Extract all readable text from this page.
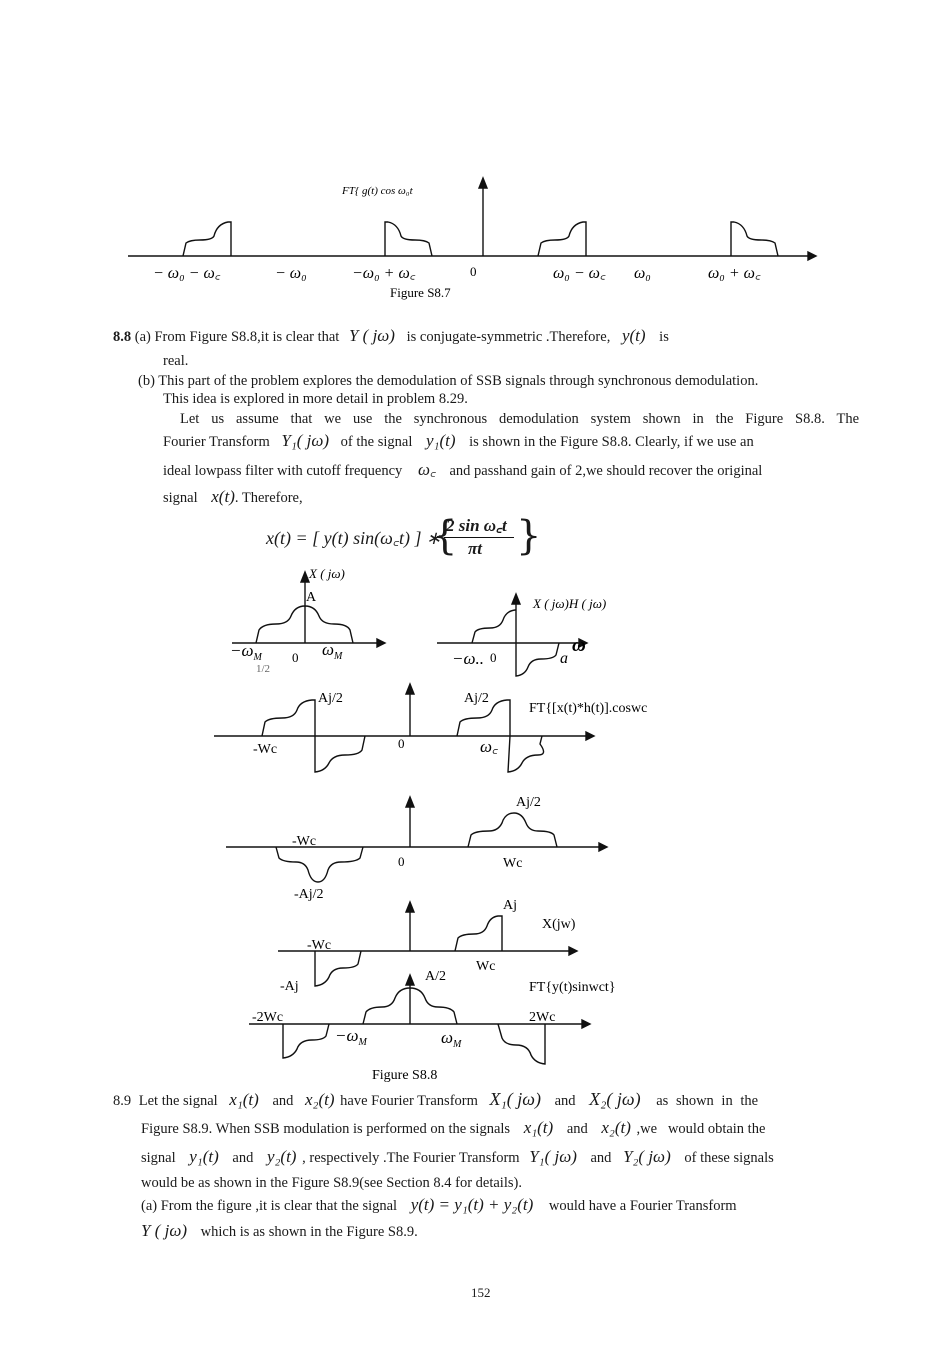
FT{ g(t) cos ω₀t
− ω₀ − ω꜀	− ω₀	−ω₀ + ω꜀	0	ω₀ − ω꜀ ω₀	ω₀ + ω꜀
Figure S8.7
8.8 (a) From Figure S8.8,it is clear that Y ( jω) is conjugate-symmetric .Therefore, y(t) is
real.
(b) This part of the problem explores the demodulation of SSB signals through synchronous demodulation.
This idea is explored in more detail in problem 8.29.
Let us assume that we use the synchronous demodulation system shown in the Figure S8.8. The
Fourier Transform Y₁( jω) of the signal y₁(t) is shown in the Figure S8.8. Clearly, if we use an
ideal lowpass filter with cutoff frequency ω꜀ and passhand gain of 2,we should recover the original
signal x(t). Therefore,
x(t) = [ y(t) sin(ω꜀t) ] ∗
{
2 sin ω꜀t
πt }
X ( jω)
A
$-\omega_M$ 0 $\omega_M$
1/2
X ( jω)H ( jω)
ω
−ω.. 0	a
Aj/2	Aj/2
FT{[x(t)*h(t)].coswc
-Wc	0	ω꜀
Aj/2
-Wc
0	Wc
-Aj/2
Aj
X(jw)
-Wc
Wc
-Aj
A/2
FT{y(t)sinwct}
-2Wc	2Wc
$-\omega_M$	$\omega_M$
Figure S8.8
8.9 Let the signal x₁(t) and x₂(t) have Fourier Transform X₁( jω) and X₂( jω) as shown in the
Figure S8.9. When SSB modulation is performed on the signals x₁(t) and x₂(t) ,we   would obtain the
signal y₁(t) and y₂(t) , respectively .The Fourier Transform Y₁( jω) and Y₂( jω) of these signals
would be as shown in the Figure S8.9(see Section 8.4 for details).
(a) From the figure ,it is clear that the signal y(t) = y₁(t) + y₂(t) would have a Fourier Transform
Y ( jω) which is as shown in the Figure S8.9.
152
